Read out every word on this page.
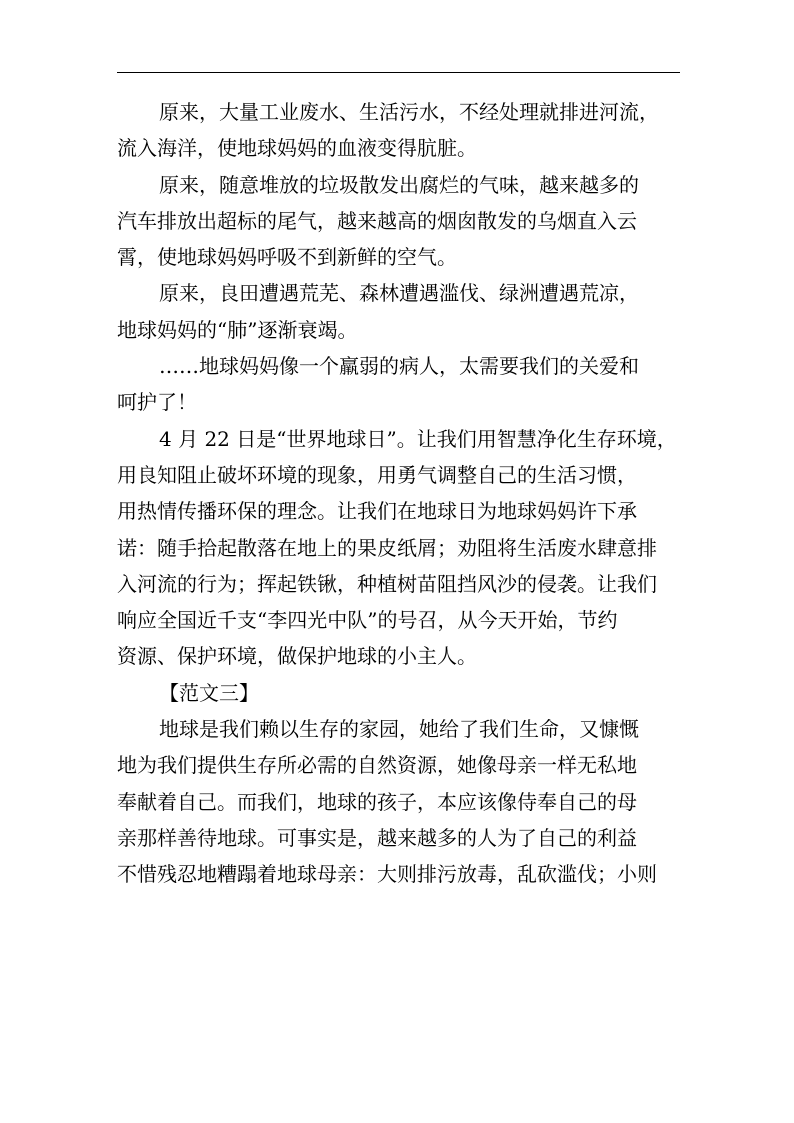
原来，大量工业废水、生活污水，不经处理就排进河流，
流入海洋，使地球妈妈的血液变得肮脏。
原来，随意堆放的垃圾散发出腐烂的气味，越来越多的
汽车排放出超标的尾气，越来越高的烟囱散发的乌烟直入云
霄，使地球妈妈呼吸不到新鲜的空气。
原来，良田遭遇荒芜、森林遭遇滥伐、绿洲遭遇荒凉，
地球妈妈的“肺”逐渐衰竭。
……地球妈妈像一个羸弱的病人，太需要我们的关爱和
呵护了！
4 月 22 日是“世界地球日”。让我们用智慧净化生存环境，
用良知阻止破坏环境的现象，用勇气调整自己的生活习惯，
用热情传播环保的理念。让我们在地球日为地球妈妈许下承
诺：随手拾起散落在地上的果皮纸屑；劝阻将生活废水肆意排
入河流的行为；挥起铁锹，种植树苗阻挡风沙的侵袭。让我们
响应全国近千支“李四光中队”的号召，从今天开始，节约
资源、保护环境，做保护地球的小主人。
【范文三】
地球是我们赖以生存的家园，她给了我们生命，又慷慨
地为我们提供生存所必需的自然资源，她像母亲一样无私地
奉献着自己。而我们，地球的孩子，本应该像侍奉自己的母
亲那样善待地球。可事实是，越来越多的人为了自己的利益
不惜残忍地糟蹋着地球母亲：大则排污放毒，乱砍滥伐；小则
